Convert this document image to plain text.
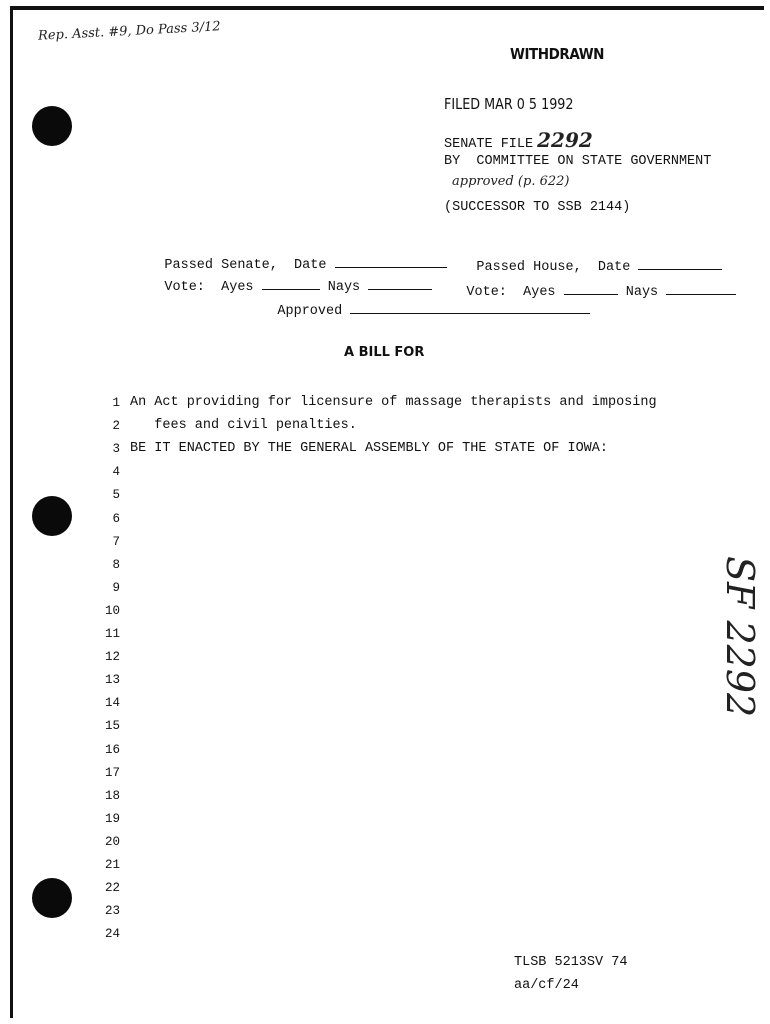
Rep. Asst. #9, Do Pass 3/12
WITHDRAWN
FILED MAR 0 5 1992
SENATE FILE 2292
BY  COMMITTEE ON STATE GOVERNMENT
approved (p. 622)
(SUCCESSOR TO SSB 2144)

Passed Senate,  Date
	Passed House,  Date

Vote:  Ayes	Nays
	Vote:  Ayes	Nays

Approved

A BILL FOR
1 An Act providing for licensure of massage therapists and imposing
2 fees and civil penalties.
3 BE IT ENACTED BY THE GENERAL ASSEMBLY OF THE STATE OF IOWA:
4
5
6
7
8
9
10
11
12
13
14
15
16
17
18
19
20
21
22
23
24
SF 2292
TLSB 5213SV 74
aa/cf/24
